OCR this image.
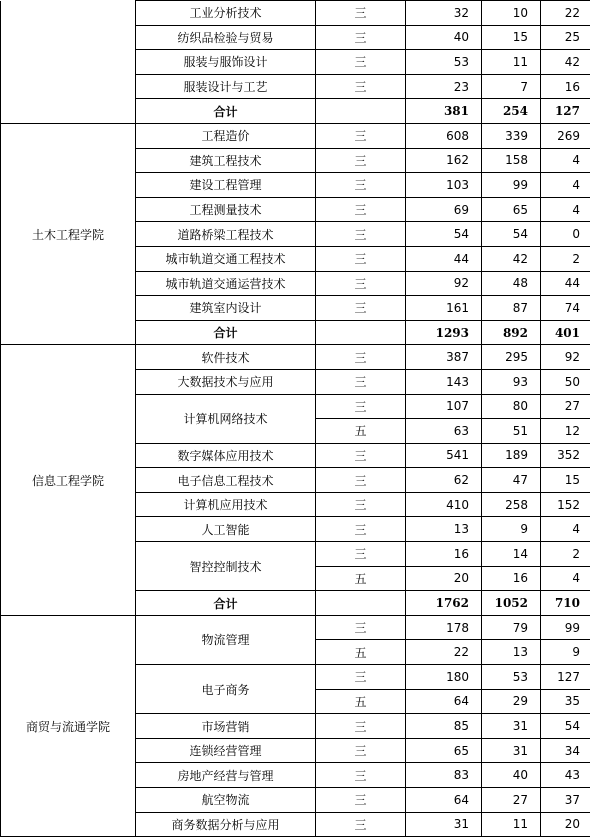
	工业分析技术	三	32	10	22
	纺织品检验与贸易	三	40	15	25
	服装与服饰设计	三	53	11	42
	服装设计与工艺	三	23	7	16
	合计		381	254	127
土木工程学院	工程造价	三	608	339	269
	建筑工程技术	三	162	158	4
	建设工程管理	三	103	99	4
	工程测量技术	三	69	65	4
	道路桥梁工程技术	三	54	54	0
	城市轨道交通工程技术	三	44	42	2
	城市轨道交通运营技术	三	92	48	44
	建筑室内设计	三	161	87	74
	合计		1293	892	401
信息工程学院	软件技术	三	387	295	92
	大数据技术与应用	三	143	93	50
	计算机网络技术	三	107	80	27
		五	63	51	12
	数字媒体应用技术	三	541	189	352
	电子信息工程技术	三	62	47	15
	计算机应用技术	三	410	258	152
	人工智能	三	13	9	4
	智控控制技术	三	16	14	2
		五	20	16	4
	合计		1762	1052	710
商贸与流通学院	物流管理	三	178	79	99
		五	22	13	9
	电子商务	三	180	53	127
		五	64	29	35
	市场营销	三	85	31	54
	连锁经营管理	三	65	31	34
	房地产经营与管理	三	83	40	43
	航空物流	三	64	27	37
	商务数据分析与应用	三	31	11	20
